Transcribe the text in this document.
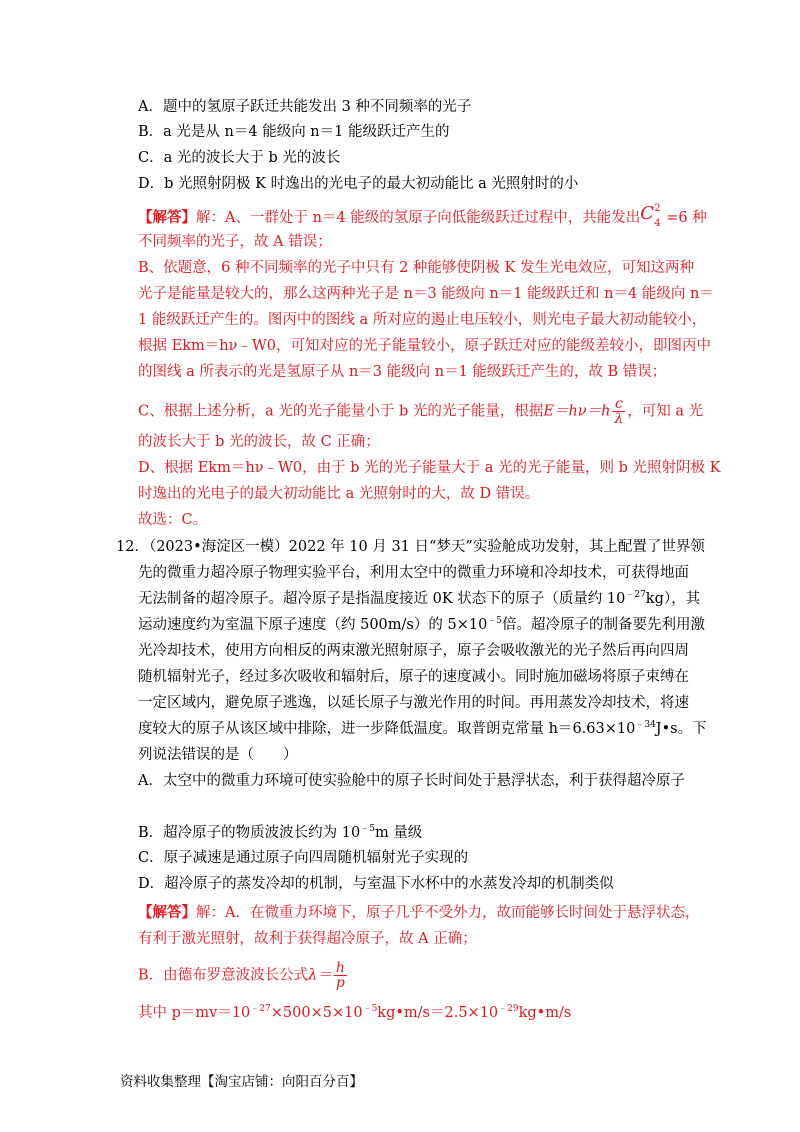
A．题中的氢原子跃迁共能发出 3 种不同频率的光子
B．a 光是从 n＝4 能级向 n＝1 能级跃迁产生的
C．a 光的波长大于 b 光的波长
D．b 光照射阴极 K 时逸出的光电子的最大初动能比 a 光照射时的小
【解答】解：A、一群处于 n＝4 能级的氢原子向低能级跃迁过程中，共能发出 C 2
4 =6 种
不同频率的光子，故 A 错误；
B、依题意，6 种不同频率的光子中只有 2 种能够使阴极 K 发生光电效应，可知这两种
光子是能量是较大的，那么这两种光子是 n＝3 能级向 n＝1 能级跃迁和 n＝4 能级向 n＝
1 能级跃迁产生的。图丙中的图线 a 所对应的遏止电压较小，则光电子最大初动能较小，
根据 Ekm＝hν﹣W0，可知对应的光子能量较小，原子跃迁对应的能级差较小，即图丙中
的图线 a 所表示的光是氢原子从 n＝3 能级向 n＝1 能级跃迁产生的，故 B 错误；
C、根据上述分析，a 光的光子能量小于 b 光的光子能量，根据$E=h\nu=h \frac{c}{\lambda}$ ，可知 a 光
的波长大于 b 光的波长，故 C 正确；
D、根据 Ekm＝hν﹣W0，由于 b 光的光子能量大于 a 光的光子能量，则 b 光照射阴极 K
时逸出的光电子的最大初动能比 a 光照射时的大，故 D 错误。
故选：C。
12．（2023•海淀区一模）2022 年 10 月 31 日“梦天”实验舱成功发射，其上配置了世界领
先的微重力超冷原子物理实验平台，利用太空中的微重力环境和冷却技术，可获得地面
无法制备的超冷原子。超冷原子是指温度接近 0K 状态下的原子（质量约 $10^{﹣27}kg$），其
运动速度约为室温下原子速度（约 500m/s）的 $5\times 10^{﹣5}$倍。超冷原子的制备要先利用激
光冷却技术，使用方向相反的两束激光照射原子，原子会吸收激光的光子然后再向四周
随机辐射光子，经过多次吸收和辐射后，原子的速度减小。同时施加磁场将原子束缚在
一定区域内，避免原子逃逸，以延长原子与激光作用的时间。再用蒸发冷却技术，将速
度较大的原子从该区域中排除，进一步降低温度。取普朗克常量 $h=6.63\times 10^{﹣34}J•s$。下
列说法错误的是（　　）
A．太空中的微重力环境可使实验舱中的原子长时间处于悬浮状态，利于获得超冷原子
B．超冷原子的物质波波长约为 $10^{﹣5}m$ 量级
C．原子减速是通过原子向四周随机辐射光子实现的
D．超冷原子的蒸发冷却的机制，与室温下水杯中的水蒸发冷却的机制类似
【解答】解：A．在微重力环境下，原子几乎不受外力，故而能够长时间处于悬浮状态，
有利于激光照射，故利于获得超冷原子，故 A 正确；
B．由德布罗意波波长公式$\lambda= \frac{h}{p}$
其中 $p=mv=10^{﹣27}\times 500\times 5\times 10^{﹣5}kg•m/s=2.5\times 10^{﹣29}kg•m/s$
资料收集整理【淘宝店铺：向阳百分百】
